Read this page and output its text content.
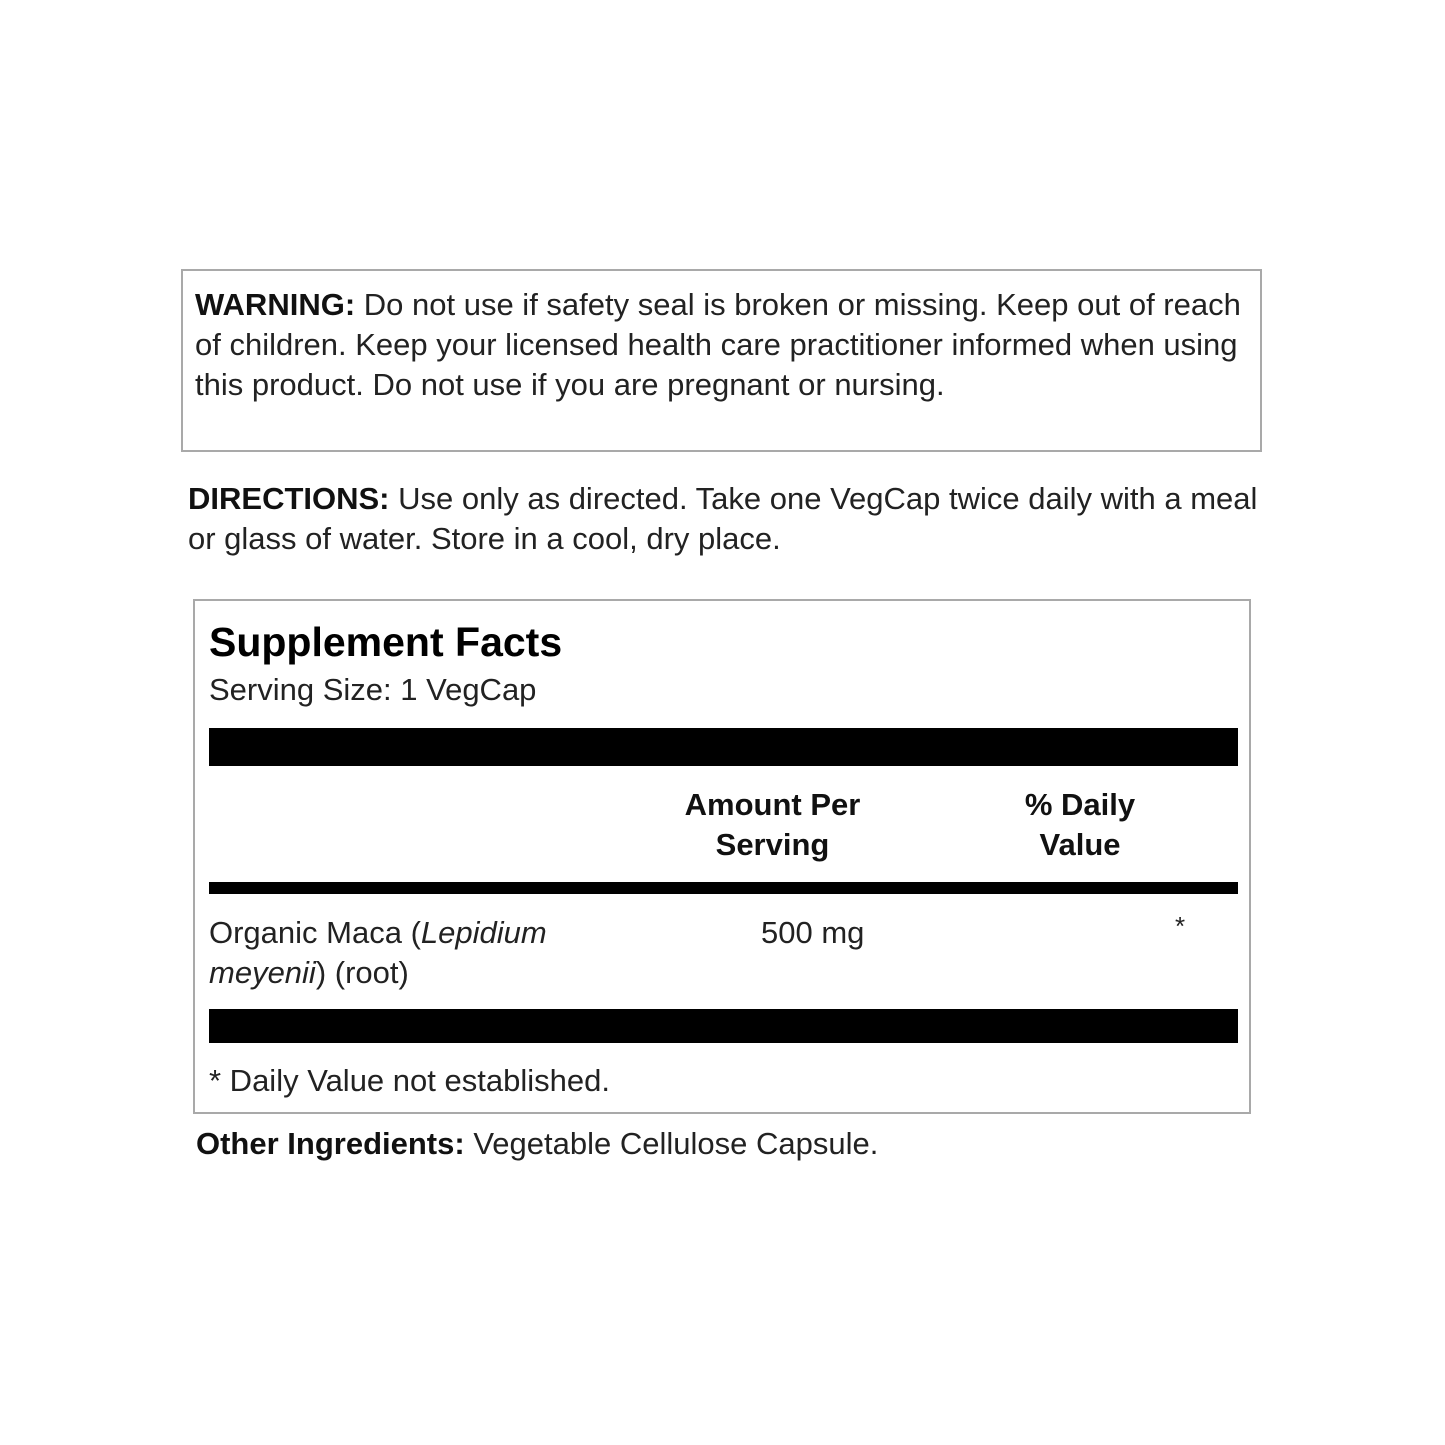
WARNING: Do not use if safety seal is broken or missing. Keep out of reach of children. Keep your licensed health care practitioner informed when using this product. Do not use if you are pregnant or nursing.
DIRECTIONS: Use only as directed. Take one VegCap twice daily with a meal or glass of water. Store in a cool, dry place.
Supplement Facts
Serving Size: 1 VegCap
Amount Per
Serving
% Daily
Value
Organic Maca (Lepidium meyenii) (root)
500 mg	*
* Daily Value not established.
Other Ingredients: Vegetable Cellulose Capsule.
